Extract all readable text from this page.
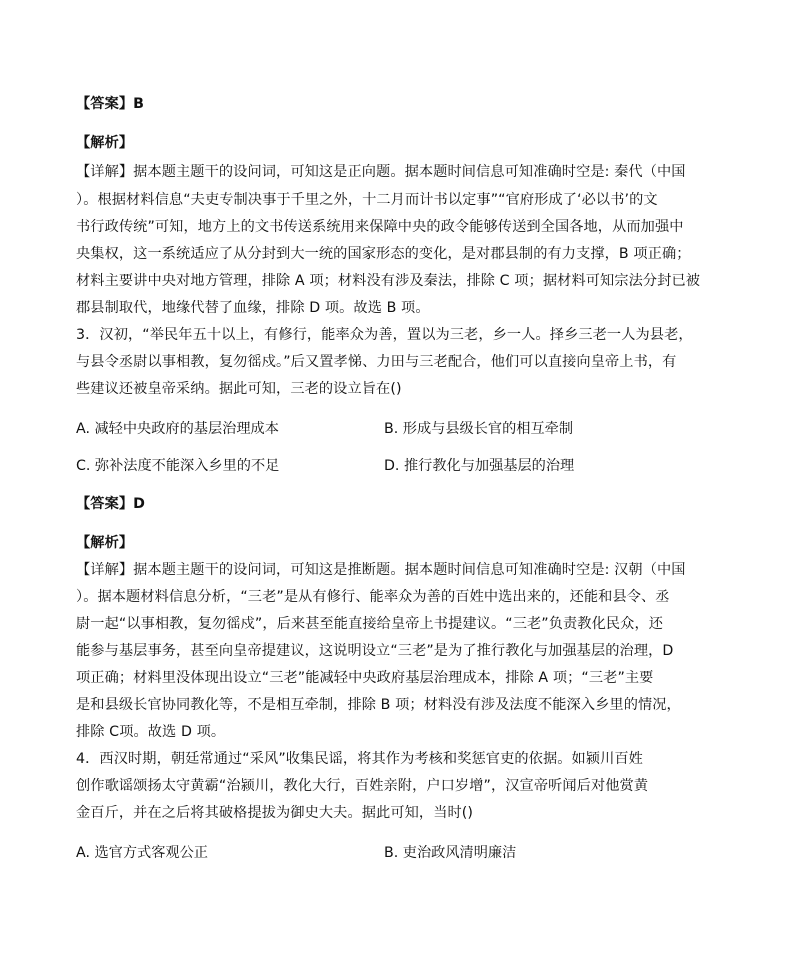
【答案】B
【解析】
【详解】据本题主题干的设问词，可知这是正向题。据本题时间信息可知准确时空是: 秦代（中国
）。根据材料信息“夫吏专制决事于千里之外，十二月而计书以定事”“官府形成了‘必以书’的文
书行政传统”可知，地方上的文书传送系统用来保障中央的政令能够传送到全国各地，从而加强中
央集权，这一系统适应了从分封到大一统的国家形态的变化，是对郡县制的有力支撑，B 项正确；
材料主要讲中央对地方管理，排除 A 项；材料没有涉及秦法，排除 C 项；据材料可知宗法分封已被
郡县制取代，地缘代替了血缘，排除 D 项。故选 B 项。
3．汉初，“举民年五十以上，有修行，能率众为善，置以为三老，乡一人。择乡三老一人为县老，
与县令丞尉以事相教，复勿徭戍。”后又置孝悌、力田与三老配合，他们可以直接向皇帝上书，有
些建议还被皇帝采纳。据此可知，三老的设立旨在()
A. 减轻中央政府的基层治理成本	B. 形成与县级长官的相互牵制
C. 弥补法度不能深入乡里的不足	D. 推行教化与加强基层的治理
【答案】D
【解析】
【详解】据本题主题干的设问词，可知这是推断题。据本题时间信息可知准确时空是: 汉朝（中国
）。据本题材料信息分析，“三老”是从有修行、能率众为善的百姓中选出来的，还能和县令、丞
尉一起“以事相教，复勿徭戍”，后来甚至能直接给皇帝上书提建议。“三老”负责教化民众，还
能参与基层事务，甚至向皇帝提建议，这说明设立“三老”是为了推行教化与加强基层的治理，D
项正确；材料里没体现出设立“三老”能减轻中央政府基层治理成本，排除 A 项；“三老”主要
是和县级长官协同教化等，不是相互牵制，排除 B 项；材料没有涉及法度不能深入乡里的情况，
排除 C项。故选 D 项。
4．西汉时期，朝廷常通过“采风”收集民谣，将其作为考核和奖惩官吏的依据。如颍川百姓
创作歌谣颂扬太守黄霸“治颍川，教化大行，百姓亲附，户口岁增”，汉宣帝听闻后对他赏黄
金百斤，并在之后将其破格提拔为御史大夫。据此可知，当时()
A. 选官方式客观公正	B. 吏治政风清明廉洁
